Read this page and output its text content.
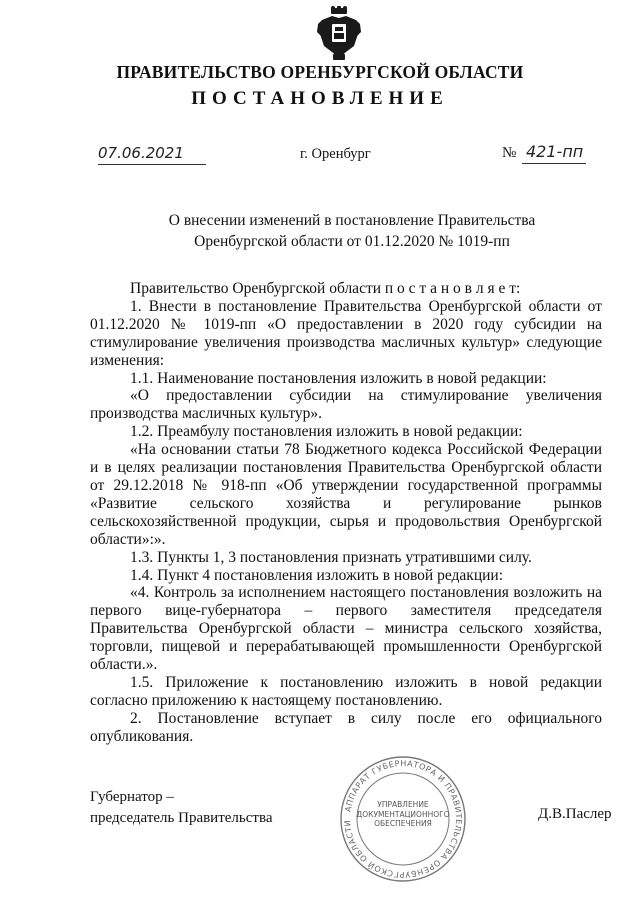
ПРАВИТЕЛЬСТВО ОРЕНБУРГСКОЙ ОБЛАСТИ
ПОСТАНОВЛЕНИЕ
07.06.2021	г. Оренбург	№ 421-пп
О внесении изменений в постановление Правительства
Оренбургской области от 01.12.2020 № 1019-пп

Правительство Оренбургской области п о с т а н о в л я е т:

1. Внести в постановление Правительства Оренбургской области от 01.12.2020 № 1019-пп «О предоставлении в 2020 году субсидии на стимулирование увеличения производства масличных культур» следующие изменения:

1.1. Наименование постановления изложить в новой редакции:

«О предоставлении субсидии на стимулирование увеличения производства масличных культур».

1.2. Преамбулу постановления изложить в новой редакции:

«На основании статьи 78 Бюджетного кодекса Российской Федерации и в целях реализации постановления Правительства Оренбургской области от 29.12.2018 № 918-пп «Об утверждении государственной программы «Развитие сельского хозяйства и регулирование рынков сельскохозяйственной продукции, сырья и продовольствия Оренбургской области»:».

1.3. Пункты 1, 3 постановления признать утратившими силу.

1.4. Пункт 4 постановления изложить в новой редакции:

«4. Контроль за исполнением настоящего постановления возложить на первого вице-губернатора – первого заместителя председателя Правительства Оренбургской области – министра сельского хозяйства, торговли, пищевой и перерабатывающей промышленности Оренбургской области.».

1.5. Приложение к постановлению изложить в новой редакции согласно приложению к настоящему постановлению.

2. Постановление вступает в силу после его официального опубликования.

Губернатор –
председатель Правительства	Д.В.Паслер
АППАРАТ ГУБЕРНАТОРА И ПРАВИТЕЛЬСТВА ОРЕНБУРГСКОЙ ОБЛАСТИ
УПРАВЛЕНИЕ
ДОКУМЕНТАЦИОННОГО
ОБЕСПЕЧЕНИЯ
